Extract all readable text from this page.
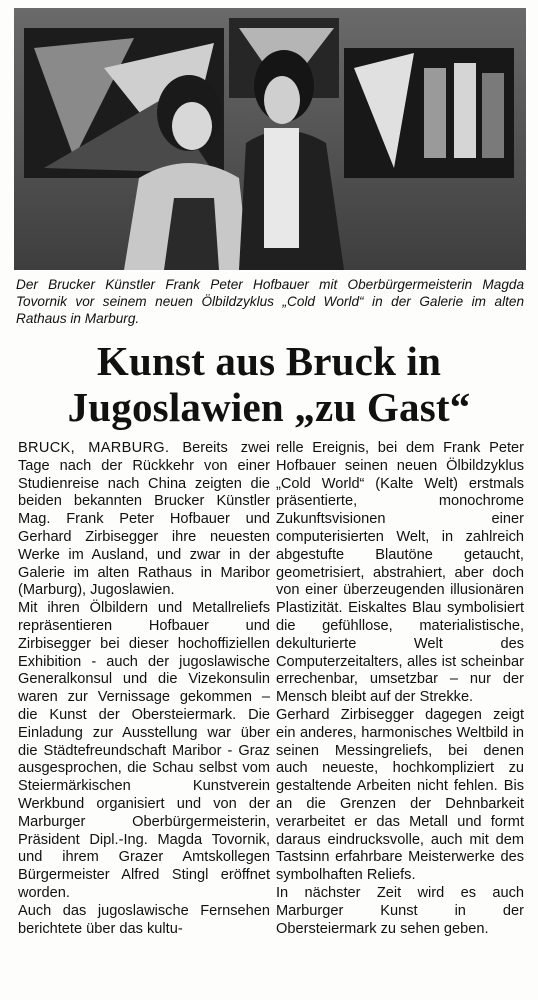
Der Brucker Künstler Frank Peter Hofbauer mit Oberbürgermeisterin Magda Tovornik vor seinem neuen Ölbildzyklus „Cold World“ in der Galerie im alten Rathaus in Marburg.

Kunst aus Bruck in
Jugoslawien „zu Gast“

BRUCK, MARBURG. Bereits zwei Tage nach der Rückkehr von einer Studienreise nach China zeigten die beiden bekannten Brucker Künstler Mag. Frank Peter Hofbauer und Gerhard Zirbisegger ihre neuesten Werke im Ausland, und zwar in der Galerie im alten Rathaus in Maribor (Marburg), Jugoslawien.

Mit ihren Ölbildern und Metallreliefs repräsentieren Hofbauer und Zirbisegger bei dieser hochoffiziellen Exhibition - auch der jugoslawische Generalkonsul und die Vizekonsulin waren zur Vernissage gekommen – die Kunst der Obersteiermark. Die Einladung zur Ausstellung war über die Städtefreundschaft Maribor - Graz ausgesprochen, die Schau selbst vom Steiermärkischen Kunstverein Werkbund organisiert und von der Marburger Oberbürgermeisterin, Präsident Dipl.-Ing. Magda Tovornik, und ihrem Grazer Amtskollegen Bürgermeister Alfred Stingl eröffnet worden.

Auch das jugoslawische Fernsehen berichtete über das kultu-

relle Ereignis, bei dem Frank Peter Hofbauer seinen neuen Ölbildzyklus „Cold World“ (Kalte Welt) erstmals präsentierte, monochrome Zukunftsvisionen einer computerisierten Welt, in zahlreich abgestufte Blautöne getaucht, geometrisiert, abstrahiert, aber doch von einer überzeugenden illusionären Plastizität. Eiskaltes Blau symbolisiert die gefühllose, materialistische, dekulturierte Welt des Computerzeitalters, alles ist scheinbar errechenbar, umsetzbar – nur der Mensch bleibt auf der Strekke.

Gerhard Zirbisegger dagegen zeigt ein anderes, harmonisches Weltbild in seinen Messingreliefs, bei denen auch neueste, hochkompliziert zu gestaltende Arbeiten nicht fehlen. Bis an die Grenzen der Dehnbarkeit verarbeitet er das Metall und formt daraus eindrucksvolle, auch mit dem Tastsinn erfahrbare Meisterwerke des symbolhaften Reliefs.

In nächster Zeit wird es auch Marburger Kunst in der Obersteiermark zu sehen geben.
